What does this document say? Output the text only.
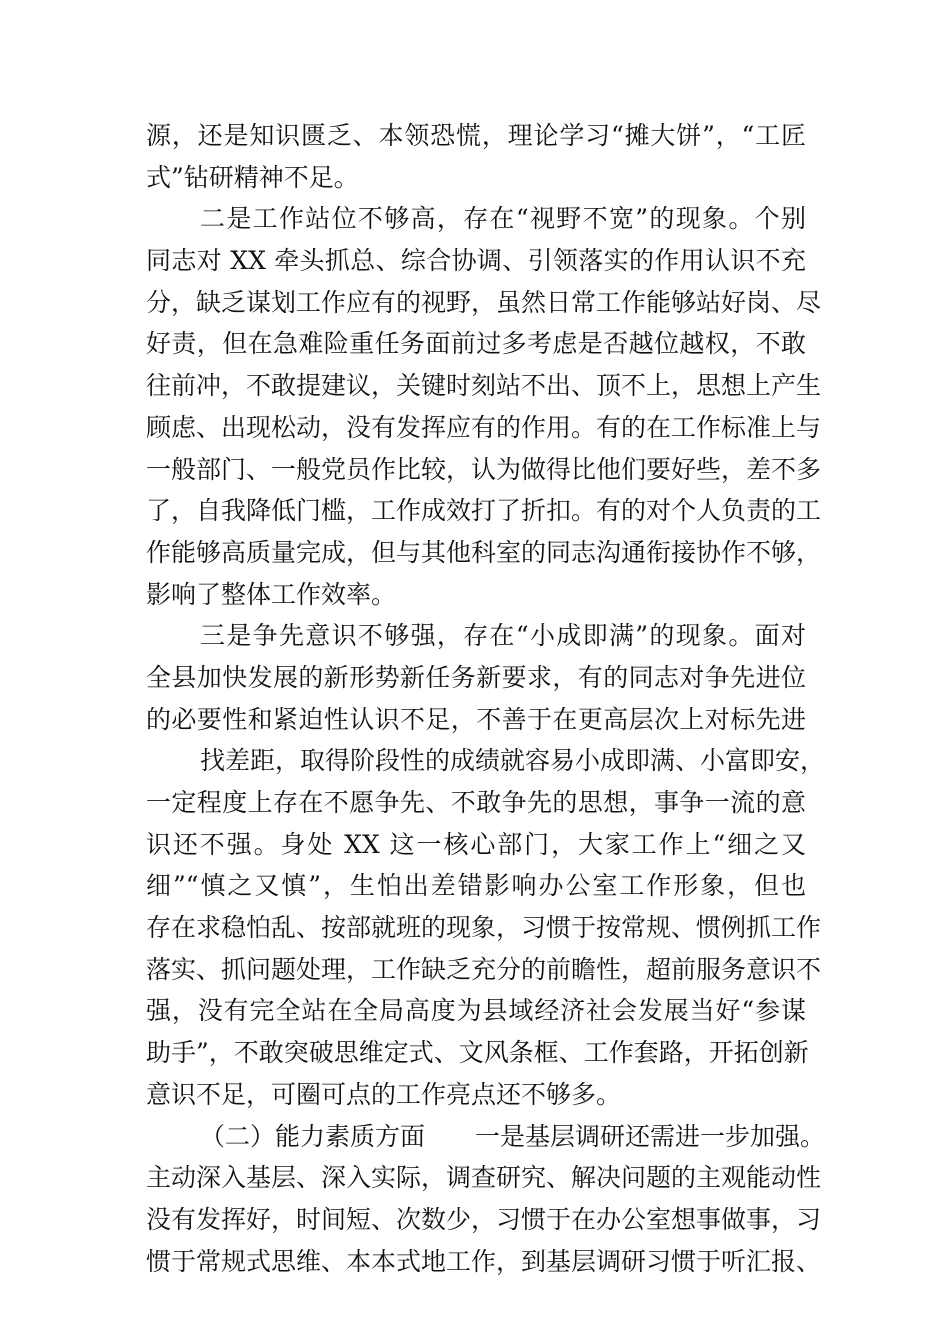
源，还是知识匮乏、本领恐慌，理论学习“摊大饼”，“工匠
式”钻研精神不足。
二是工作站位不够高，存在“视野不宽”的现象。个别
同志对 XX 牵头抓总、综合协调、引领落实的作用认识不充
分，缺乏谋划工作应有的视野，虽然日常工作能够站好岗、尽
好责，但在急难险重任务面前过多考虑是否越位越权，不敢
往前冲，不敢提建议，关键时刻站不出、顶不上，思想上产生
顾虑、出现松动，没有发挥应有的作用。有的在工作标准上与
一般部门、一般党员作比较，认为做得比他们要好些，差不多
了，自我降低门槛，工作成效打了折扣。有的对个人负责的工
作能够高质量完成，但与其他科室的同志沟通衔接协作不够，
影响了整体工作效率。
三是争先意识不够强，存在“小成即满”的现象。面对
全县加快发展的新形势新任务新要求，有的同志对争先进位
的必要性和紧迫性认识不足，不善于在更高层次上对标先进
找差距，取得阶段性的成绩就容易小成即满、小富即安，
一定程度上存在不愿争先、不敢争先的思想，事争一流的意
识还不强。身处 XX 这一核心部门，大家工作上“细之又
细”“慎之又慎”，生怕出差错影响办公室工作形象，但也
存在求稳怕乱、按部就班的现象，习惯于按常规、惯例抓工作
落实、抓问题处理，工作缺乏充分的前瞻性，超前服务意识不
强，没有完全站在全局高度为县域经济社会发展当好“参谋
助手”，不敢突破思维定式、文风条框、工作套路，开拓创新
意识不足，可圈可点的工作亮点还不够多。
（二）能力素质方面　　一是基层调研还需进一步加强。
主动深入基层、深入实际，调查研究、解决问题的主观能动性
没有发挥好，时间短、次数少，习惯于在办公室想事做事，习
惯于常规式思维、本本式地工作，到基层调研习惯于听汇报、
